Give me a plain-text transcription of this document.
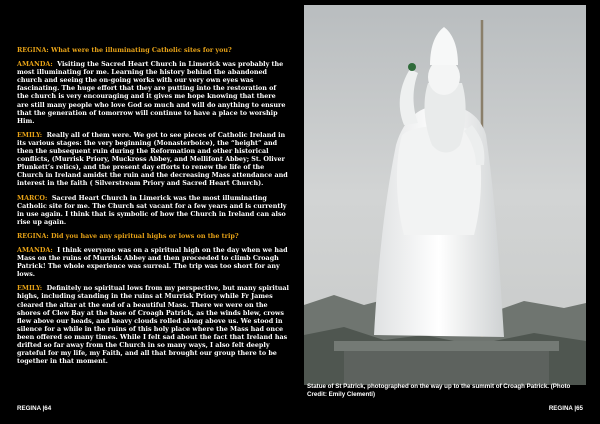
REGINA: What were the illuminating Catholic sites for you?

AMANDA: Visiting the Sacred Heart Church in Limerick was probably the most illuminating for me. Learning the history behind the abandoned church and seeing the on-going works with our very own eyes was fascinating. The huge effort that they are putting into the restoration of the church is very encouraging and it gives me hope knowing that there are still many people who love God so much and will do anything to ensure that the generation of tomorrow will continue to have a place to worship Him.

EMILY: Really all of them were. We got to see pieces of Catholic Ireland in its various stages: the very beginning (Monasterboice), the “height” and then the subsequent ruin during the Reformation and other historical conflicts, (Murrisk Priory, Muckross Abbey, and Mellifont Abbey; St. Oliver Plunkett’s relics), and the present day efforts to renew the life of the Church in Ireland amidst the ruin and the decreasing Mass attendance and interest in the faith ( Silverstream Priory and Sacred Heart Church).

MARCO: Sacred Heart Church in Limerick was the most illuminating Catholic site for me. The Church sat vacant for a few years and is currently in use again. I think that is symbolic of how the Church in Ireland can also rise up again.

REGINA: Did you have any spiritual highs or lows on the trip?

AMANDA: I think everyone was on a spiritual high on the day when we had Mass on the ruins of Murrisk Abbey and then proceeded to climb Croagh Patrick! The whole experience was surreal. The trip was too short for any lows.

EMILY: Definitely no spiritual lows from my perspective, but many spiritual highs, including standing in the ruins at Murrisk Priory while Fr James cleared the altar at the end of a beautiful Mass. There we were on the shores of Clew Bay at the base of Croagh Patrick, as the winds blew, crows flew above our heads, and heavy clouds rolled along above us. We stood in silence for a while in the ruins of this holy place where the Mass had once been offered so many times. While I felt sad about the fact that Ireland has drifted so far away from the Church in so many ways, I also felt deeply grateful for my life, my Faith, and all that brought our group there to be together in that moment.

REGINA |64	REGINA |65
Statue of St Patrick, photographed on the way up to the summit of Croagh Patrick. (Photo Credit: Emily Clementi)
